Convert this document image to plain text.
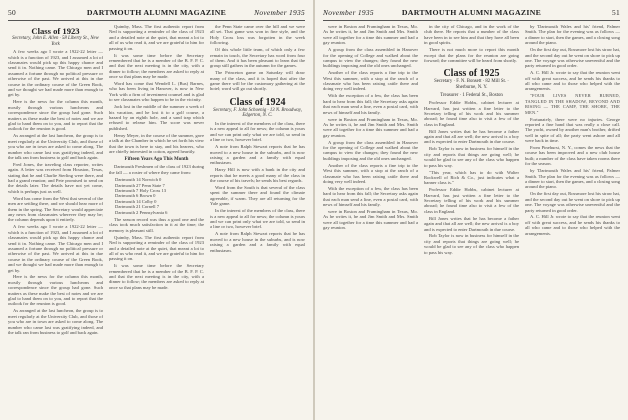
50	DARTMOUTH ALUMNI MAGAZINE	November 1935
Class of 1923
Secretary, John E. Allen · 58 Liberty St., New York

A few weeks ago I wrote a 1922-22 letter — which is a function of 1923, and I assumed a lot of classmates would pick up this happy chance and send it in. Nothing came. The Chicago men and I assumed a fortune through no political pressure or otherwise of the past. We arrived at this in due course in the ordinary course of the Green Book, and we thought we had made more than enough to get by.

Here is the news for the column this month, mostly through various luncheons and correspondence since the group had gone. Such matters as these make the best of notes and we are glad to hand them on to you, and to report that the outlook for the reunion is good.

As arranged at the last luncheon, the group is to meet regularly at the University Club, and those of you who are in town are asked to come along. The number who came last was gratifying indeed, and the talk ran from business to golf and back again.

Fred Jones, the traveling class reporter, writes again. A letter was received from Houston, Texas, stating that he and Charlie Sterling were there, and had a grand reunion; and Pete promised to send on the details later. The details have not yet come, which is perhaps just as well.

Word has come from the West that several of the men are settling there, and we should hear more of them in the spring. The Secretary would appreciate any news from classmates wherever they may be; the column depends upon it entirely.

A few weeks ago I wrote a 1922-22 letter — which is a function of 1923, and I assumed a lot of classmates would pick up this happy chance and send it in. Nothing came. The Chicago men and I assumed a fortune through no political pressure or otherwise of the past. We arrived at this in due course in the ordinary course of the Green Book, and we thought we had made more than enough to get by.

Here is the news for the column this month, mostly through various luncheons and correspondence since the group had gone. Such matters as these make the best of notes and we are glad to hand them on to you, and to report that the outlook for the reunion is good.

As arranged at the last luncheon, the group is to meet regularly at the University Club, and those of you who are in town are asked to come along. The number who came last was gratifying indeed, and the talk ran from business to golf and back again.

Quimby, Mass. The first authentic report from Ned is supporting a reminder of the class of 1923 and a detailed note at the quiet, that meant a lot to all of us who read it, and we are grateful to him for passing it on.

It was some time before the Secretary remembered that he is a member of the B. F. P. C. and that the next meeting is in the city, with a dinner to follow; the members are asked to reply at once so that plans may be made.

Word has come that Wendell L. (Bus) Barnes, who has been living in Hanover, is now in New York with a firm of investment counsel and is glad to see classmates who happen to be in the vicinity.

Jack lost in the middle of the summer a week of his vacation, and he lost it to a golf course, a hazard by an eighth hole, and a sand trap which refused to release him. The score was never published.

Henry Meyer, in the course of the summer, gave a talk at the Chamber in which he set forth his view that the town is here to stay, and his hearers, who are chiefly interested in cotton, agreed heartily.

Fifteen Years Ago This Month

Dartmouth Freshmen of the class of 1923 during the fall — a roster of where they came from:

Dartmouth 14 Norwich 0
Dartmouth 27 Penn State 7
Dartmouth 7 Holy Cross 13
Dartmouth 6 Brown 0
Dartmouth 14 Colby 0
Dartmouth 21 Cornell 7
Dartmouth 2 Pennsylvania 6

The season record was thus a good one and the class took much satisfaction in it at the time; the memory is pleasant still.

Quimby, Mass. The first authentic report from Ned is supporting a reminder of the class of 1923 and a detailed note at the quiet, that meant a lot to all of us who read it, and we are grateful to him for passing it on.

It was some time before the Secretary remembered that he is a member of the B. F. P. C. and that the next meeting is in the city, with a dinner to follow; the members are asked to reply at once so that plans may be made.

the Penn State came over the hill and we were all set. That game was won in fine style, and the Holy Cross loss was forgotten in the week following.

Of this whole little team, of which only a few remain in touch, the Secretary has word from four of them. And it has been pleasant to learn that the group still gathers in the autumn for the games.

The Princeton game on Saturday will draw many of the class, and it is hoped that after the game there will be the customary gathering at the hotel; word will go out shortly.

Class of 1924
Secretary, F. John Schoenig · 13 N. Broadway, Edgerton, N. C.

In the interest of the members of the class, there is a new appeal to all for news; the column is yours and we can print only what we are told, so send in a line or two, however brief.

A note from Ralph Stewart reports that he has moved to a new house in the suburbs, and is now raising a garden and a family with equal enthusiasm.

Harry Hill is now with a bank in the city and reports that he meets a good many of the class in the course of his travels; he sends his best regards.

Word from the South is that several of the class spent the summer there and found the climate agreeable, if warm. They are all returning for the Yale game.

In the interest of the members of the class, there is a new appeal to all for news; the column is yours and we can print only what we are told, so send in a line or two, however brief.

A note from Ralph Stewart reports that he has moved to a new house in the suburbs, and is now raising a garden and a family with equal enthusiasm.

November 1935	DARTMOUTH ALUMNI MAGAZINE	51

were in Boston and Framingham in Texas, Mo. As he writes it, he and Jim Smith and Mrs. Smith were all together for a time this summer and had a gay reunion.

A group from the class assembled in Hanover for the opening of College and walked about the campus to view the changes; they found the new buildings imposing and the old ones unchanged.

Another of the class reports a fine trip to the West this summer, with a stop at the ranch of a classmate who has been raising cattle there and doing very well indeed.

With the exception of a few, the class has been hard to hear from this fall; the Secretary asks again that each man send a line, even a postal card, with news of himself and his family.

were in Boston and Framingham in Texas, Mo. As he writes it, he and Jim Smith and Mrs. Smith were all together for a time this summer and had a gay reunion.

A group from the class assembled in Hanover for the opening of College and walked about the campus to view the changes; they found the new buildings imposing and the old ones unchanged.

Another of the class reports a fine trip to the West this summer, with a stop at the ranch of a classmate who has been raising cattle there and doing very well indeed.

With the exception of a few, the class has been hard to hear from this fall; the Secretary asks again that each man send a line, even a postal card, with news of himself and his family.

were in Boston and Framingham in Texas, Mo. As he writes it, he and Jim Smith and Mrs. Smith were all together for a time this summer and had a gay reunion.

in the city of Chicago, and in the work of the club there. He reports that a number of the class have been in to see him and that they have all been in good spirits.

There is not much more to report this month except that the plans for the reunion are going forward; the committee will be heard from shortly.

Class of 1925
Secretary · F. N. Bonsett · 82 Mill St. · Sherburne, N. Y.
Treasurer · 1 Federal St., Boston

Professor Eddie Hobbs, cabinet lecturer at Harvard, has just written a fine letter to the Secretary telling of his work and his summer abroad; he found time also to visit a few of the class in England.

Bill Jones writes that he has become a father again and that all are well; the new arrival is a boy and is expected to enter Dartmouth in due course.

Bob Taylor is now in business for himself in the city and reports that things are going well; he would be glad to see any of the class who happen to pass his way.

"This year, which has to do with Walter Rockwell of Rich & Co., just indicates what a banner class is."

Professor Eddie Hobbs, cabinet lecturer at Harvard, has just written a fine letter to the Secretary telling of his work and his summer abroad; he found time also to visit a few of the class in England.

Bill Jones writes that he has become a father again and that all are well; the new arrival is a boy and is expected to enter Dartmouth in due course.

Bob Taylor is now in business for himself in the city and reports that things are going well; he would be glad to see any of the class who happen to pass his way.

by 'Dartmouth Wales and his' friend, Palmer Smith. The plan for the evening was as follows — a dinner to start, then the games, and a closing song around the piano.

On the first day out, Rossmore lost his straw hat, and the second day out he went on shore to pick up one. The voyage was otherwise uneventful and the party returned in good order.

A. C. Hill Jr. wrote to say that the reunion went off with great success, and he sends his thanks to all who came and to those who helped with the arrangements.

"FOUR LIVES NEVER BURNED, TANGLED IN THE SHADOW, BEYOND AND RISING — THE CAMP, THE SHORE, THE MEN."

Fortunately, there were no injuries. George reported a fine hand that was really a close call. The yacht, owned by another man's brother, drifted well in spite of all; the party went ashore and all were back in time.

From Pinehurst, N. Y., comes the news that the course has been improved and a new club house built; a number of the class have taken rooms there for the season.

by 'Dartmouth Wales and his' friend, Palmer Smith. The plan for the evening was as follows — a dinner to start, then the games, and a closing song around the piano.

On the first day out, Rossmore lost his straw hat, and the second day out he went on shore to pick up one. The voyage was otherwise uneventful and the party returned in good order.

A. C. Hill Jr. wrote to say that the reunion went off with great success, and he sends his thanks to all who came and to those who helped with the arrangements.
